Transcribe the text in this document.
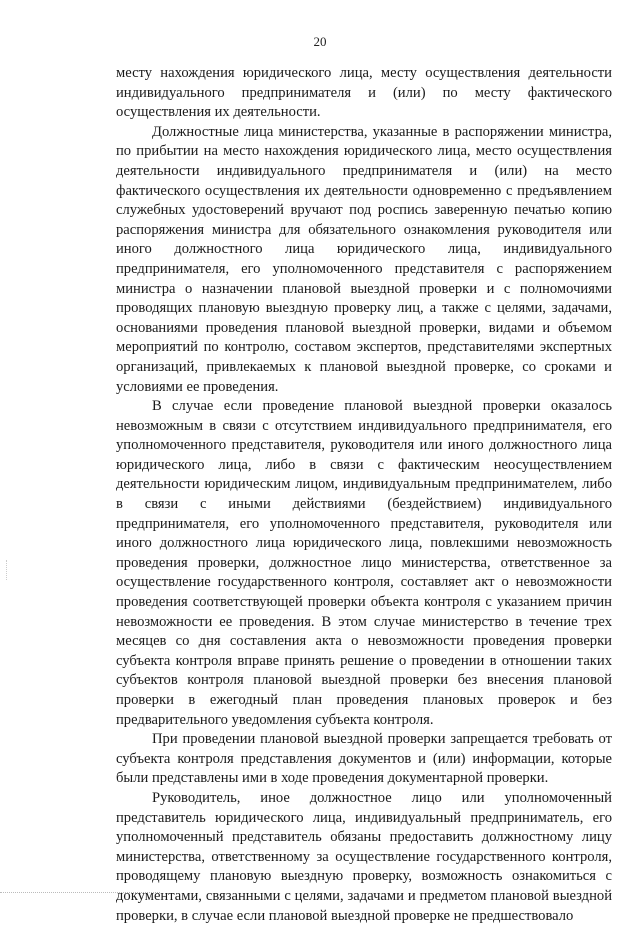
20

месту нахождения юридического лица, месту осуществления деятельности индивидуального предпринимателя и (или) по месту фактического осуществления их деятельности.

Должностные лица министерства, указанные в распоряжении министра, по прибытии на место нахождения юридического лица, место осуществления деятельности индивидуального предпринимателя и (или) на место фактического осуществления их деятельности одновременно с предъявлением служебных удостоверений вручают под роспись заверенную печатью копию распоряжения министра для обязательного ознакомления руководителя или иного должностного лица юридического лица, индивидуального предпринимателя, его уполномоченного представителя с распоряжением министра о назначении плановой выездной проверки и с полномочиями проводящих плановую выездную проверку лиц, а также с целями, задачами, основаниями проведения плановой выездной проверки, видами и объемом мероприятий по контролю, составом экспертов, представителями экспертных организаций, привлекаемых к плановой выездной проверке, со сроками и условиями ее проведения.

В случае если проведение плановой выездной проверки оказалось невозможным в связи с отсутствием индивидуального предпринимателя, его уполномоченного представителя, руководителя или иного должностного лица юридического лица, либо в связи с фактическим неосуществлением деятельности юридическим лицом, индивидуальным предпринимателем, либо в связи с иными действиями (бездействием) индивидуального предпринимателя, его уполномоченного представителя, руководителя или иного должностного лица юридического лица, повлекшими невозможность проведения проверки, должностное лицо министерства, ответственное за осуществление государственного контроля, составляет акт о невозможности проведения соответствующей проверки объекта контроля с указанием причин невозможности ее проведения. В этом случае министерство в течение трех месяцев со дня составления акта о невозможности проведения проверки субъекта контроля вправе принять решение о проведении в отношении таких субъектов контроля плановой выездной проверки без внесения плановой проверки в ежегодный план проведения плановых проверок и без предварительного уведомления субъекта контроля.

При проведении плановой выездной проверки запрещается требовать от субъекта контроля представления документов и (или) информации, которые были представлены ими в ходе проведения документарной проверки.

Руководитель, иное должностное лицо или уполномоченный представитель юридического лица, индивидуальный предприниматель, его уполномоченный представитель обязаны предоставить должностному лицу министерства, ответственному за осуществление государственного контроля, проводящему плановую выездную проверку, возможность ознакомиться с документами, связанными с целями, задачами и предметом плановой выездной проверки, в случае если плановой выездной проверке не предшествовало
